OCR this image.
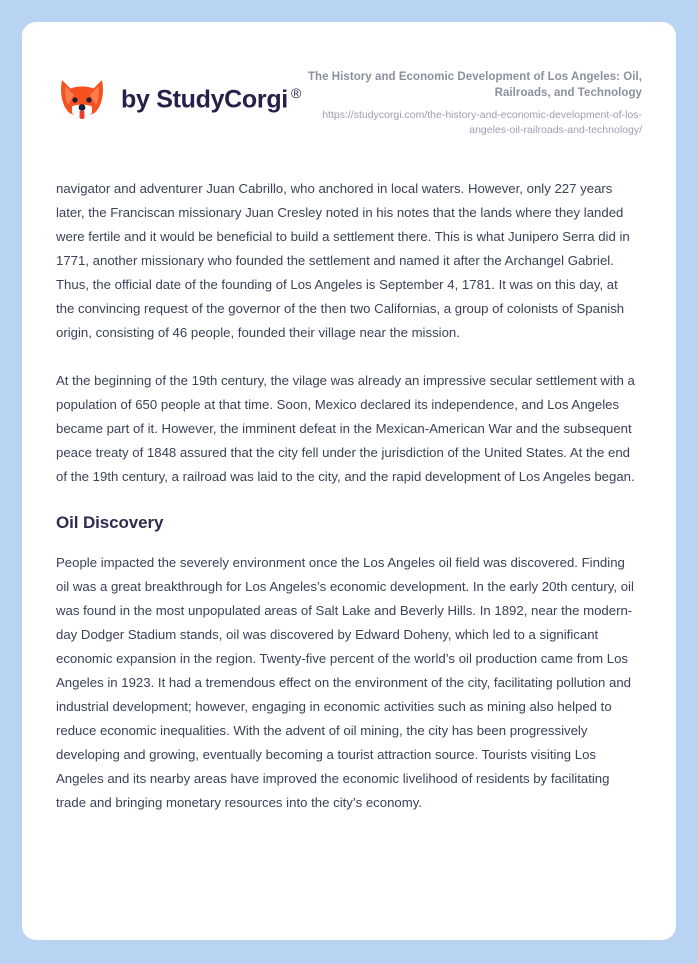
by StudyCorgi ®
The History and Economic Development of Los Angeles: Oil, Railroads, and Technology
https://studycorgi.com/the-history-and-economic-development-of-los-angeles-oil-railroads-and-technology/

navigator and adventurer Juan Cabrillo, who anchored in local waters. However, only 227 years later, the Franciscan missionary Juan Cresley noted in his notes that the lands where they landed were fertile and it would be beneficial to build a settlement there. This is what Junipero Serra did in 1771, another missionary who founded the settlement and named it after the Archangel Gabriel. Thus, the official date of the founding of Los Angeles is September 4, 1781. It was on this day, at the convincing request of the governor of the then two Californias, a group of colonists of Spanish origin, consisting of 46 people, founded their village near the mission.

At the beginning of the 19th century, the vilage was already an impressive secular settlement with a population of 650 people at that time. Soon, Mexico declared its independence, and Los Angeles became part of it. However, the imminent defeat in the Mexican-American War and the subsequent peace treaty of 1848 assured that the city fell under the jurisdiction of the United States. At the end of the 19th century, a railroad was laid to the city, and the rapid development of Los Angeles began.

Oil Discovery

People impacted the severely environment once the Los Angeles oil field was discovered. Finding oil was a great breakthrough for Los Angeles’s economic development. In the early 20th century, oil was found in the most unpopulated areas of Salt Lake and Beverly Hills. In 1892, near the modern-day Dodger Stadium stands, oil was discovered by Edward Doheny, which led to a significant economic expansion in the region. Twenty-five percent of the world’s oil production came from Los Angeles in 1923. It had a tremendous effect on the environment of the city, facilitating pollution and industrial development; however, engaging in economic activities such as mining also helped to reduce economic inequalities. With the advent of oil mining, the city has been progressively developing and growing, eventually becoming a tourist attraction source. Tourists visiting Los Angeles and its nearby areas have improved the economic livelihood of residents by facilitating trade and bringing monetary resources into the city’s economy.
